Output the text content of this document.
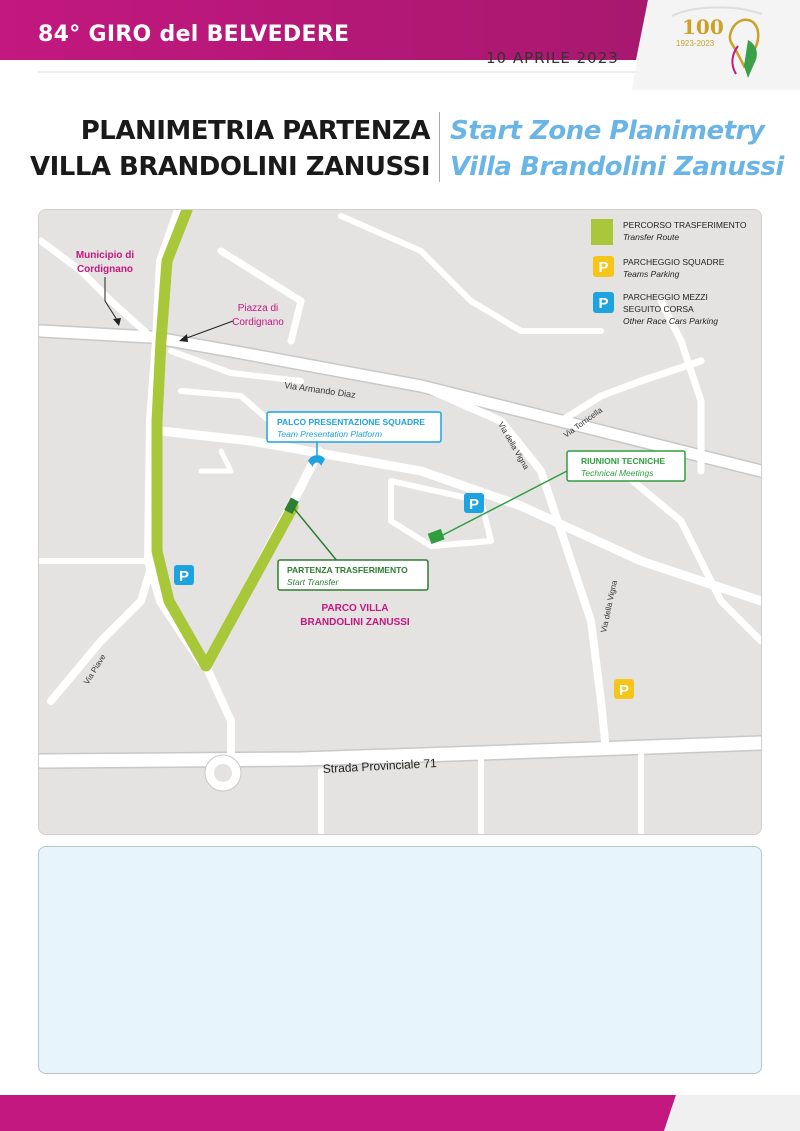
84° GIRO del BELVEDERE
10 APRILE 2023
100
1923-2023
PLANIMETRIA PARTENZA
VILLA BRANDOLINI ZANUSSI
Start Zone Planimetry
Villa Brandolini Zanussi
P
P
P
Municipio di
Cordignano
Piazza di
Cordignano
PARCO VILLA
BRANDOLINI ZANUSSI
Via Armando Diaz
Via della Vigna	Via Torricella
Via della Vigna
Via Piave
Strada Provinciale 71
PALCO PRESENTAZIONE SQUADRE
Team Presentation Platform
RIUNIONI TECNICHE
Technical Meetings
PARTENZA TRASFERIMENTO
Start Transfer
PERCORSO TRASFERIMENTO
Transfer Route
P PARCHEGGIO SQUADRE
Teams Parking
P PARCHEGGIO MEZZI
SEGUITO CORSA
Other Race Cars Parking
